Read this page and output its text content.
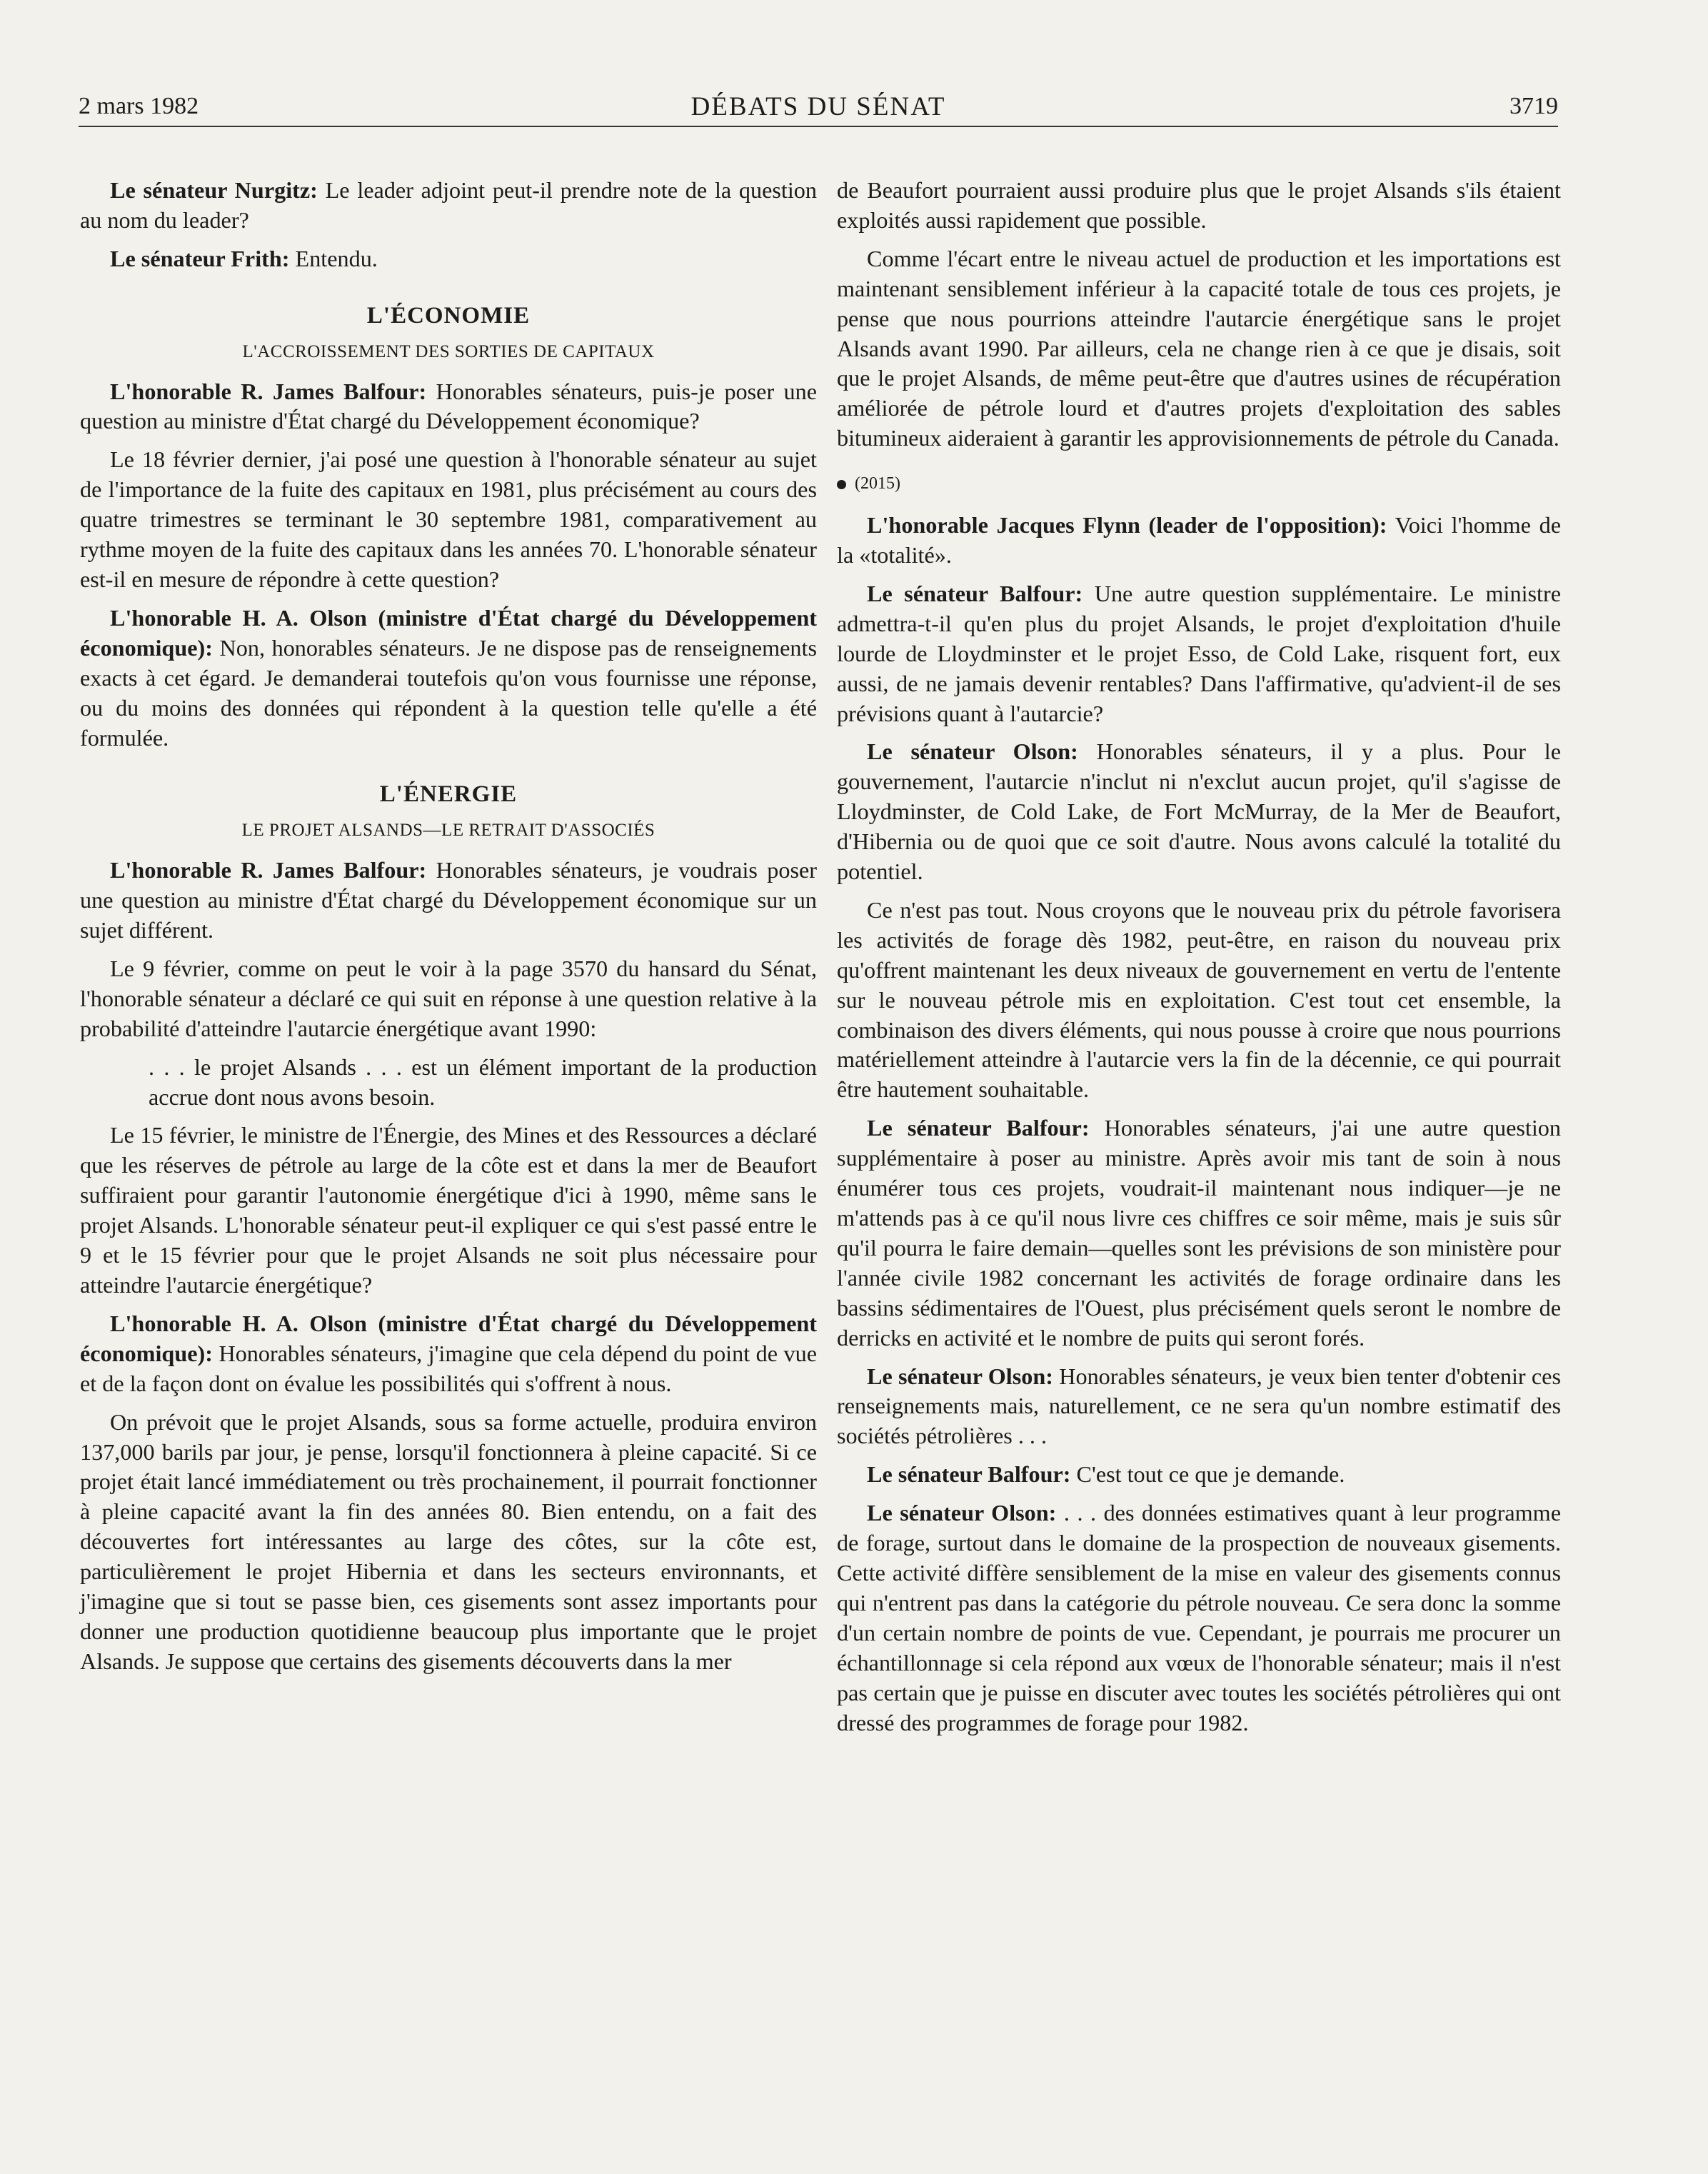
2 mars 1982	DÉBATS DU SÉNAT	3719

Le sénateur Nurgitz: Le leader adjoint peut-il prendre note de la question au nom du leader?

Le sénateur Frith: Entendu.

L'ÉCONOMIE
L'ACCROISSEMENT DES SORTIES DE CAPITAUX

L'honorable R. James Balfour: Honorables sénateurs, puis-je poser une question au ministre d'État chargé du Développement économique?

Le 18 février dernier, j'ai posé une question à l'honorable sénateur au sujet de l'importance de la fuite des capitaux en 1981, plus précisément au cours des quatre trimestres se terminant le 30 septembre 1981, comparativement au rythme moyen de la fuite des capitaux dans les années 70. L'honorable sénateur est-il en mesure de répondre à cette question?

L'honorable H. A. Olson (ministre d'État chargé du Développement économique): Non, honorables sénateurs. Je ne dispose pas de renseignements exacts à cet égard. Je demanderai toutefois qu'on vous fournisse une réponse, ou du moins des données qui répondent à la question telle qu'elle a été formulée.

L'ÉNERGIE
LE PROJET ALSANDS—LE RETRAIT D'ASSOCIÉS

L'honorable R. James Balfour: Honorables sénateurs, je voudrais poser une question au ministre d'État chargé du Développement économique sur un sujet différent.

Le 9 février, comme on peut le voir à la page 3570 du hansard du Sénat, l'honorable sénateur a déclaré ce qui suit en réponse à une question relative à la probabilité d'atteindre l'autarcie énergétique avant 1990:

. . . le projet Alsands . . . est un élément important de la production accrue dont nous avons besoin.

Le 15 février, le ministre de l'Énergie, des Mines et des Ressources a déclaré que les réserves de pétrole au large de la côte est et dans la mer de Beaufort suffiraient pour garantir l'autonomie énergétique d'ici à 1990, même sans le projet Alsands. L'honorable sénateur peut-il expliquer ce qui s'est passé entre le 9 et le 15 février pour que le projet Alsands ne soit plus nécessaire pour atteindre l'autarcie énergétique?

L'honorable H. A. Olson (ministre d'État chargé du Développement économique): Honorables sénateurs, j'imagine que cela dépend du point de vue et de la façon dont on évalue les possibilités qui s'offrent à nous.

On prévoit que le projet Alsands, sous sa forme actuelle, produira environ 137,000 barils par jour, je pense, lorsqu'il fonctionnera à pleine capacité. Si ce projet était lancé immédiatement ou très prochainement, il pourrait fonctionner à pleine capacité avant la fin des années 80. Bien entendu, on a fait des découvertes fort intéressantes au large des côtes, sur la côte est, particulièrement le projet Hibernia et dans les secteurs environnants, et j'imagine que si tout se passe bien, ces gisements sont assez importants pour donner une production quotidienne beaucoup plus importante que le projet Alsands. Je suppose que certains des gisements découverts dans la mer

de Beaufort pourraient aussi produire plus que le projet Alsands s'ils étaient exploités aussi rapidement que possible.

Comme l'écart entre le niveau actuel de production et les importations est maintenant sensiblement inférieur à la capacité totale de tous ces projets, je pense que nous pourrions atteindre l'autarcie énergétique sans le projet Alsands avant 1990. Par ailleurs, cela ne change rien à ce que je disais, soit que le projet Alsands, de même peut-être que d'autres usines de récupération améliorée de pétrole lourd et d'autres projets d'exploitation des sables bitumineux aideraient à garantir les approvisionnements de pétrole du Canada.

(2015)

L'honorable Jacques Flynn (leader de l'opposition): Voici l'homme de la «totalité».

Le sénateur Balfour: Une autre question supplémentaire. Le ministre admettra-t-il qu'en plus du projet Alsands, le projet d'exploitation d'huile lourde de Lloydminster et le projet Esso, de Cold Lake, risquent fort, eux aussi, de ne jamais devenir rentables? Dans l'affirmative, qu'advient-il de ses prévisions quant à l'autarcie?

Le sénateur Olson: Honorables sénateurs, il y a plus. Pour le gouvernement, l'autarcie n'inclut ni n'exclut aucun projet, qu'il s'agisse de Lloydminster, de Cold Lake, de Fort McMurray, de la Mer de Beaufort, d'Hibernia ou de quoi que ce soit d'autre. Nous avons calculé la totalité du potentiel.

Ce n'est pas tout. Nous croyons que le nouveau prix du pétrole favorisera les activités de forage dès 1982, peut-être, en raison du nouveau prix qu'offrent maintenant les deux niveaux de gouvernement en vertu de l'entente sur le nouveau pétrole mis en exploitation. C'est tout cet ensemble, la combinaison des divers éléments, qui nous pousse à croire que nous pourrions matériellement atteindre à l'autarcie vers la fin de la décennie, ce qui pourrait être hautement souhaitable.

Le sénateur Balfour: Honorables sénateurs, j'ai une autre question supplémentaire à poser au ministre. Après avoir mis tant de soin à nous énumérer tous ces projets, voudrait-il maintenant nous indiquer—je ne m'attends pas à ce qu'il nous livre ces chiffres ce soir même, mais je suis sûr qu'il pourra le faire demain—quelles sont les prévisions de son ministère pour l'année civile 1982 concernant les activités de forage ordinaire dans les bassins sédimentaires de l'Ouest, plus précisément quels seront le nombre de derricks en activité et le nombre de puits qui seront forés.

Le sénateur Olson: Honorables sénateurs, je veux bien tenter d'obtenir ces renseignements mais, naturellement, ce ne sera qu'un nombre estimatif des sociétés pétrolières . . .

Le sénateur Balfour: C'est tout ce que je demande.

Le sénateur Olson: . . . des données estimatives quant à leur programme de forage, surtout dans le domaine de la prospection de nouveaux gisements. Cette activité diffère sensiblement de la mise en valeur des gisements connus qui n'entrent pas dans la catégorie du pétrole nouveau. Ce sera donc la somme d'un certain nombre de points de vue. Cependant, je pourrais me procurer un échantillonnage si cela répond aux vœux de l'honorable sénateur; mais il n'est pas certain que je puisse en discuter avec toutes les sociétés pétrolières qui ont dressé des programmes de forage pour 1982.
